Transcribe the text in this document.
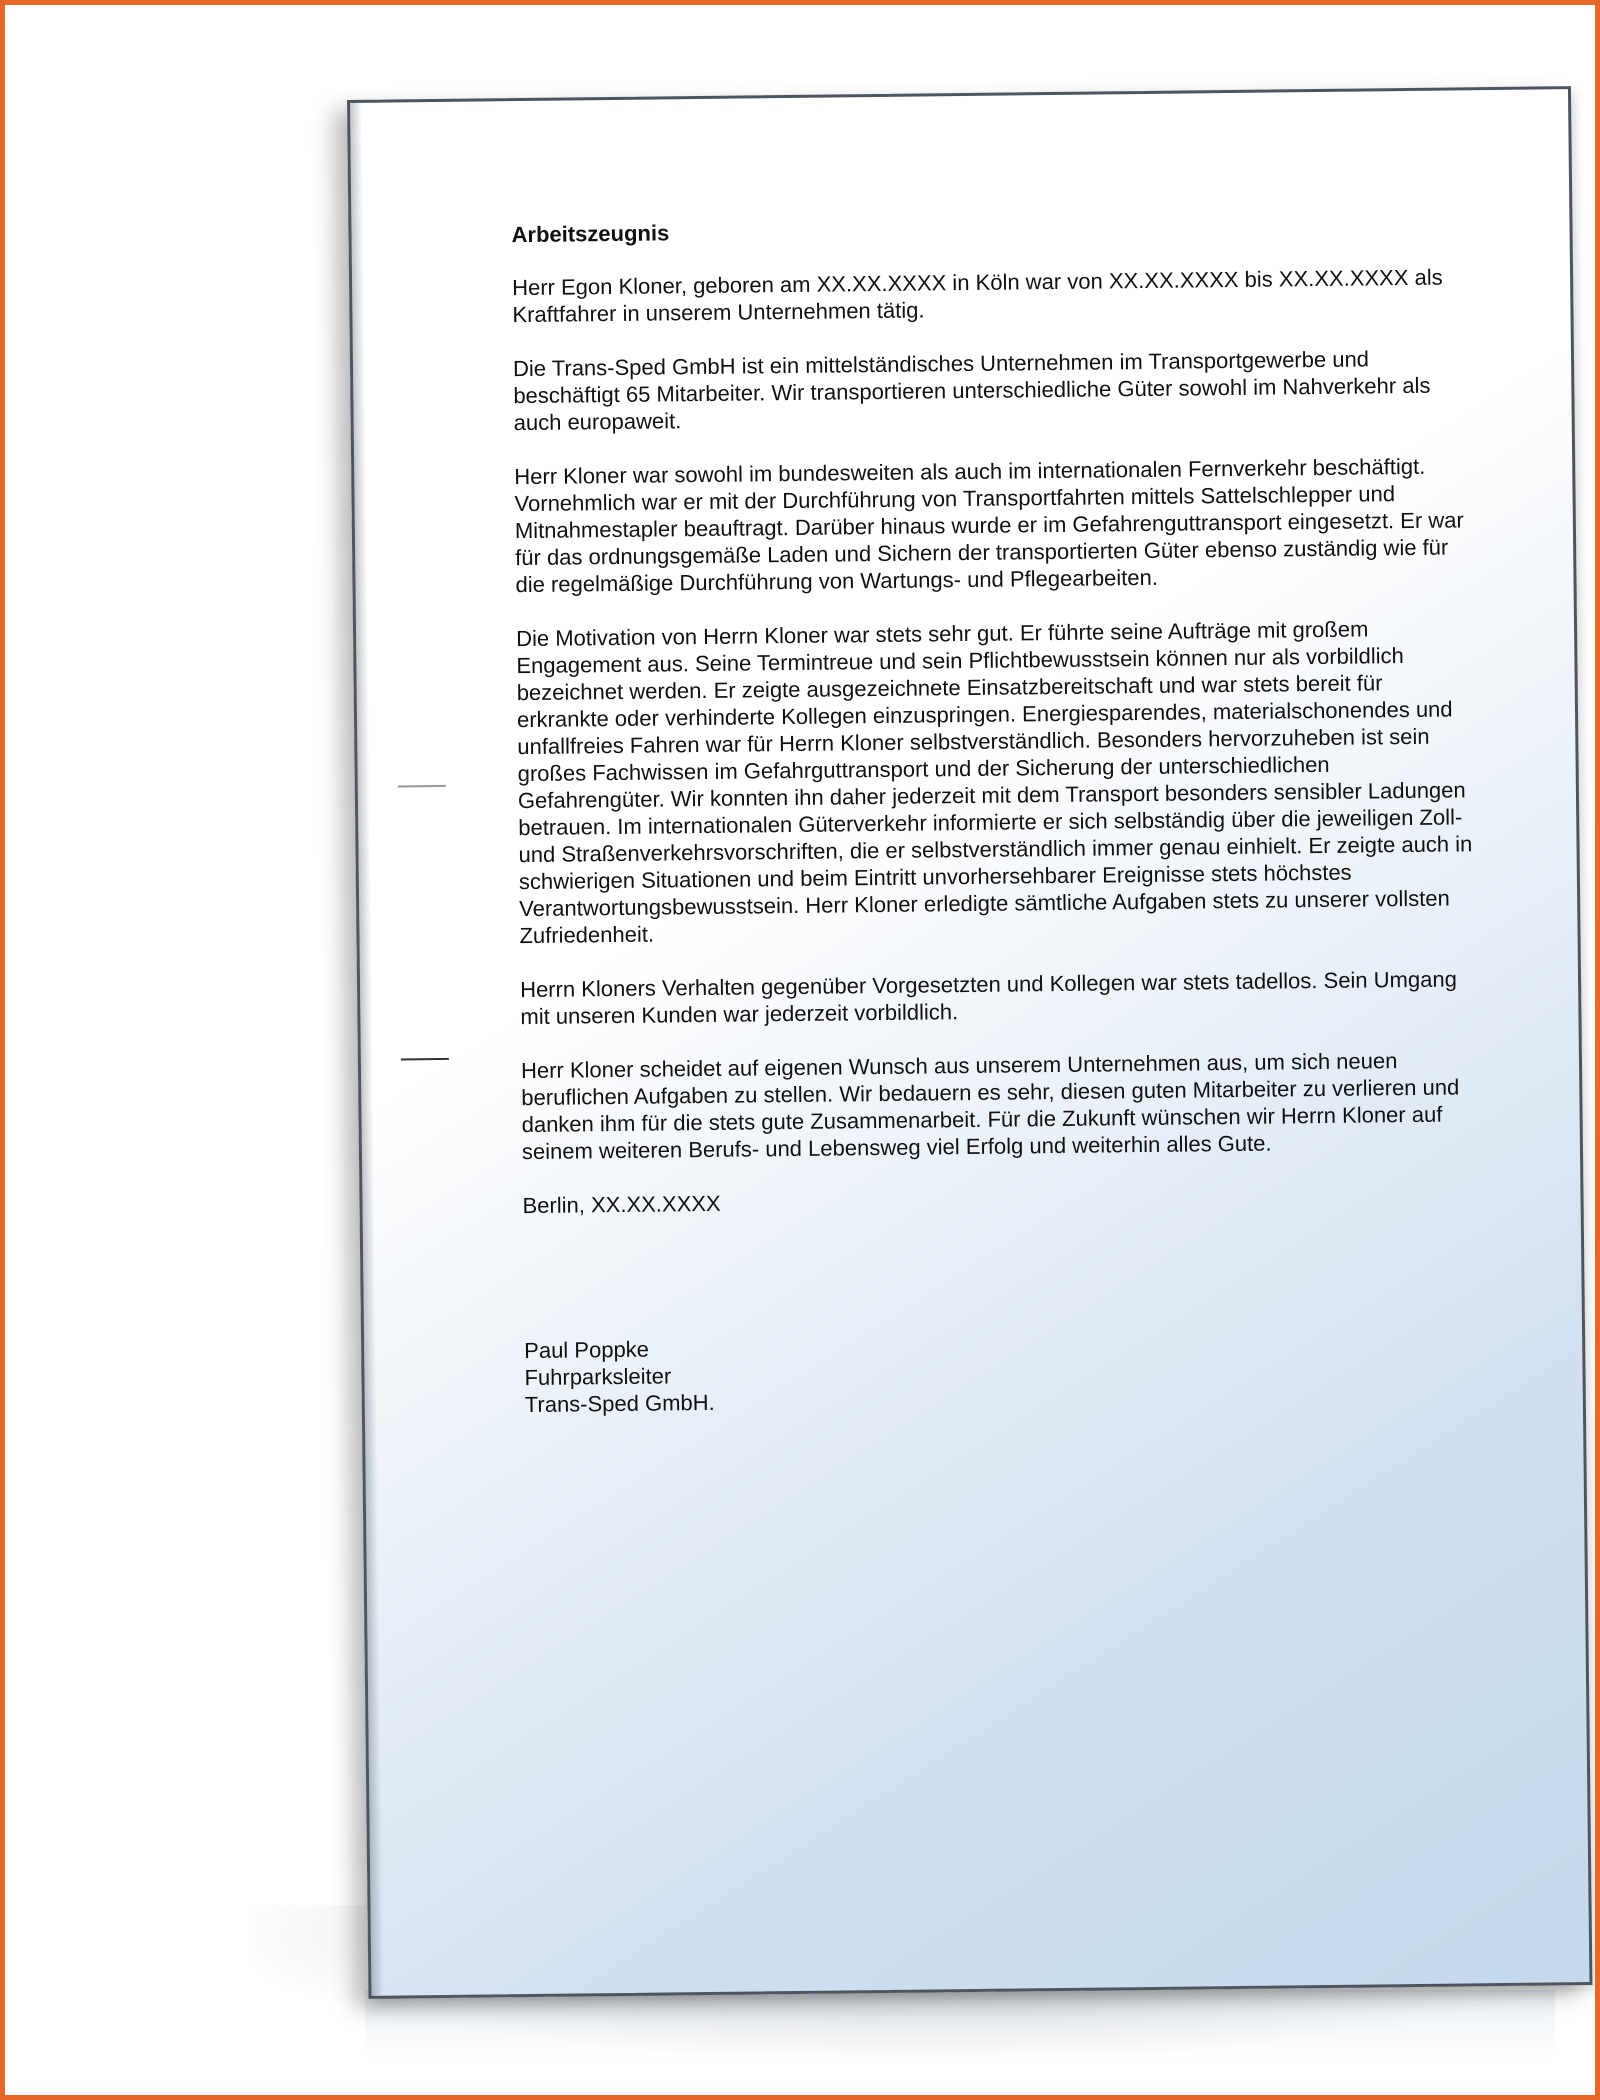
Arbeitszeugnis

Herr Egon Kloner, geboren am XX.XX.XXXX in Köln war von XX.XX.XXXX bis XX.XX.XXXX als Kraftfahrer in unserem Unternehmen tätig.

Die Trans-Sped GmbH ist ein mittelständisches Unternehmen im Transportgewerbe und beschäftigt 65 Mitarbeiter. Wir transportieren unterschiedliche Güter sowohl im Nahverkehr als auch europaweit.

Herr Kloner war sowohl im bundesweiten als auch im internationalen Fernverkehr beschäftigt. Vornehmlich war er mit der Durchführung von Transportfahrten mittels Sattelschlepper und Mitnahmestapler beauftragt. Darüber hinaus wurde er im Gefahrenguttransport eingesetzt. Er war für das ordnungsgemäße Laden und Sichern der transportierten Güter ebenso zuständig wie für die regelmäßige Durchführung von Wartungs- und Pflegearbeiten.

Die Motivation von Herrn Kloner war stets sehr gut. Er führte seine Aufträge mit großem Engagement aus. Seine Termintreue und sein Pflichtbewusstsein können nur als vorbildlich bezeichnet werden. Er zeigte ausgezeichnete Einsatzbereitschaft und war stets bereit für erkrankte oder verhinderte Kollegen einzuspringen. Energiesparendes, materialschonendes und unfallfreies Fahren war für Herrn Kloner selbstverständlich. Besonders hervorzuheben ist sein großes Fachwissen im Gefahrguttransport und der Sicherung der unterschiedlichen Gefahrengüter. Wir konnten ihn daher jederzeit mit dem Transport besonders sensibler Ladungen betrauen. Im internationalen Güterverkehr informierte er sich selbständig über die jeweiligen Zoll- und Straßenverkehrsvorschriften, die er selbstverständlich immer genau einhielt. Er zeigte auch in schwierigen Situationen und beim Eintritt unvorhersehbarer Ereignisse stets höchstes Verantwortungsbewusstsein. Herr Kloner erledigte sämtliche Aufgaben stets zu unserer vollsten Zufriedenheit.

Herrn Kloners Verhalten gegenüber Vorgesetzten und Kollegen war stets tadellos. Sein Umgang mit unseren Kunden war jederzeit vorbildlich.

Herr Kloner scheidet auf eigenen Wunsch aus unserem Unternehmen aus, um sich neuen beruflichen Aufgaben zu stellen. Wir bedauern es sehr, diesen guten Mitarbeiter zu verlieren und danken ihm für die stets gute Zusammenarbeit. Für die Zukunft wünschen wir Herrn Kloner auf seinem weiteren Berufs- und Lebensweg viel Erfolg und weiterhin alles Gute.

Berlin, XX.XX.XXXX

Paul Poppke
Fuhrparksleiter
Trans-Sped GmbH.
